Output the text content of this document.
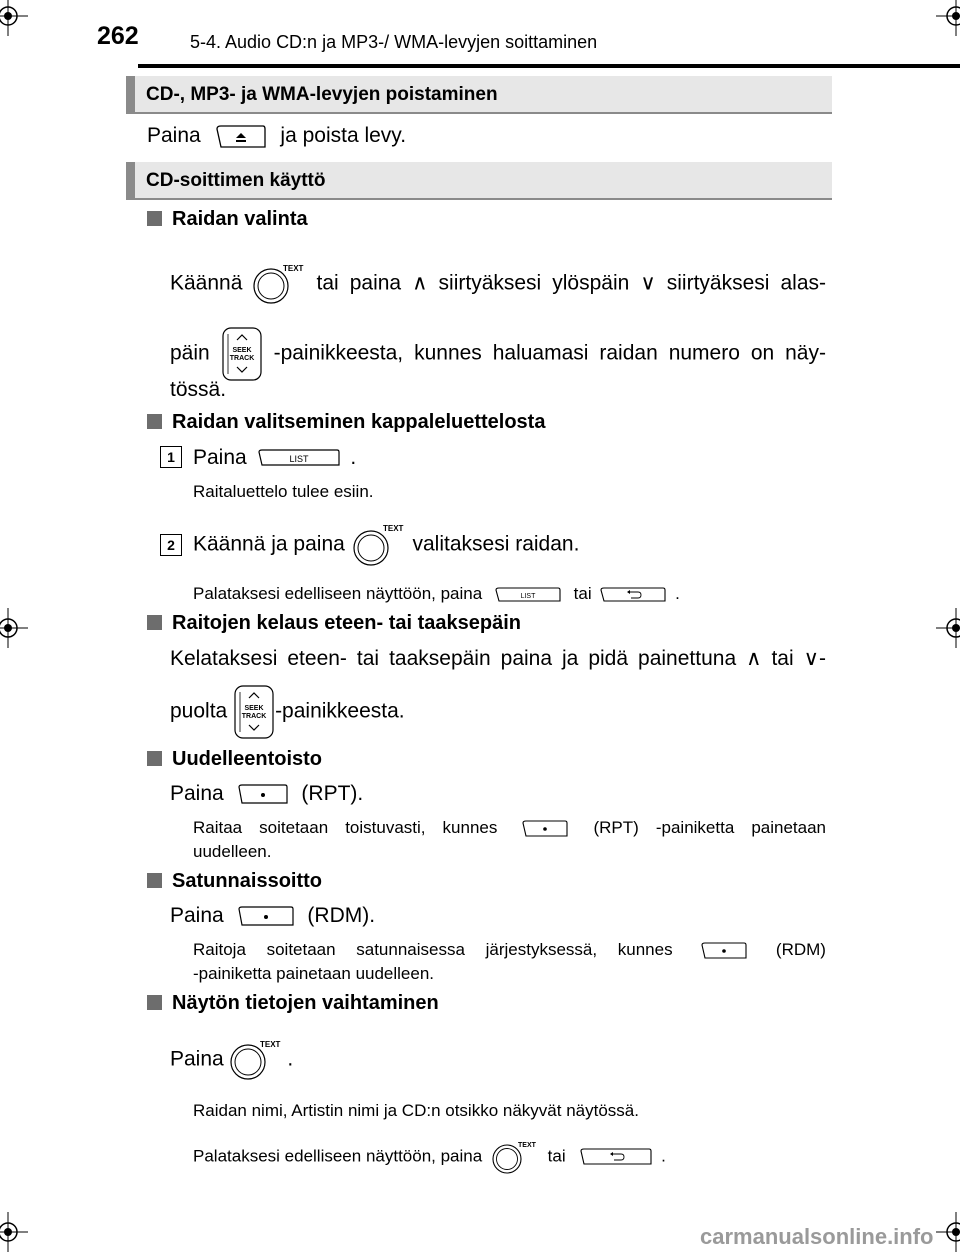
262	5-4. Audio CD:n ja MP3-/ WMA-levyjen soittaminen
CD-, MP3- ja WMA-levyjen poistaminen
Paina	ja poista levy.
CD-soittimen käyttö
Raidan valinta
Käännä
TEXT
tai paina ∧ siirtyäksesi ylöspäin ∨ siirtyäksesi alas-
päin	SEEK
TRACK -painikkeesta, kunnes haluamasi raidan numero on näy-
tössä.
Raidan valitseminen kappaleluettelosta
1 Paina	LIST .
Raitaluettelo tulee esiin.
2 Käännä ja paina
TEXT
valitaksesi raidan.
Palataksesi edelliseen näyttöön, paina	LIST tai	.
Raitojen kelaus eteen- tai taaksepäin
Kelataksesi eteen- tai taaksepäin paina ja pidä painettuna ∧ tai ∨-
puolta SEEK
TRACK -painikkeesta.
Uudelleentoisto
Paina	(RPT).
Raitaa soitetaan toistuvasti, kunnes	(RPT) -painiketta painetaan
uudelleen.
Satunnaissoitto
Paina	(RDM).
Raitoja soitetaan satunnaisessa järjestyksessä, kunnes	(RDM)
-painiketta painetaan uudelleen.
Näytön tietojen vaihtaminen
Paina
TEXT
.
Raidan nimi, Artistin nimi ja CD:n otsikko näkyvät näytössä.
Palataksesi edelliseen näyttöön, paina
TEXT
tai	.
carmanualsonline.info
